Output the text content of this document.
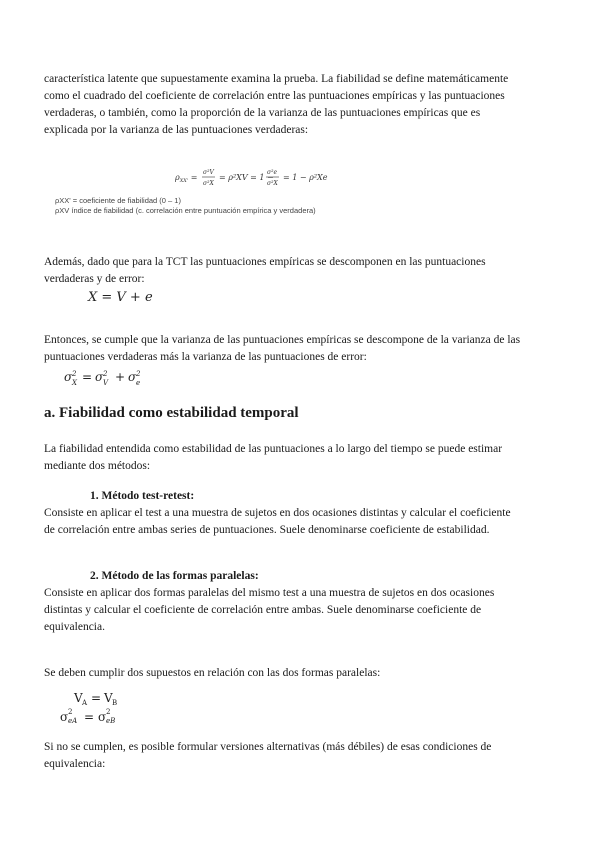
característica latente que supuestamente examina la prueba. La fiabilidad se define matemáticamente como el cuadrado del coeficiente de correlación entre las puntuaciones empíricas y las puntuaciones verdaderas, o también, como la proporción de la varianza de las puntuaciones empíricas que es explicada por la varianza de las puntuaciones verdaderas:

$\rho_{XX'}$ =
σ²V
σ²X
= ρ²XV = 1 −
σ²e
σ²X
= 1 − ρ²Xe
ρXX' = coeficiente de fiabilidad (0 – 1)
ρXV índice de fiabilidad (c. correlación entre puntuación empírica y verdadera)

Además, dado que para la TCT las puntuaciones empíricas se descomponen en las puntuaciones verdaderas y de error:

X = V + e

Entonces, se cumple que la varianza de las puntuaciones empíricas se descompone de la varianza de las puntuaciones verdaderas más la varianza de las puntuaciones de error:

σ 2
X = σ 2
V + σ 2
e
a. Fiabilidad como estabilidad temporal

La fiabilidad entendida como estabilidad de las puntuaciones a lo largo del tiempo se puede estimar mediante dos métodos:

1. Método test-retest:

Consiste en aplicar el test a una muestra de sujetos en dos ocasiones distintas y calcular el coeficiente de correlación entre ambas series de puntuaciones. Suele denominarse coeficiente de estabilidad.

2. Método de las formas paralelas:

Consiste en aplicar dos formas paralelas del mismo test a una muestra de sujetos en dos ocasiones distintas y calcular el coeficiente de correlación entre ambas. Suele denominarse coeficiente de equivalencia.

Se deben cumplir dos supuestos en relación con las dos formas paralelas:

V A = V B
σ 2
eA = σ 2
eB

Si no se cumplen, es posible formular versiones alternativas (más débiles) de esas condiciones de equivalencia:
